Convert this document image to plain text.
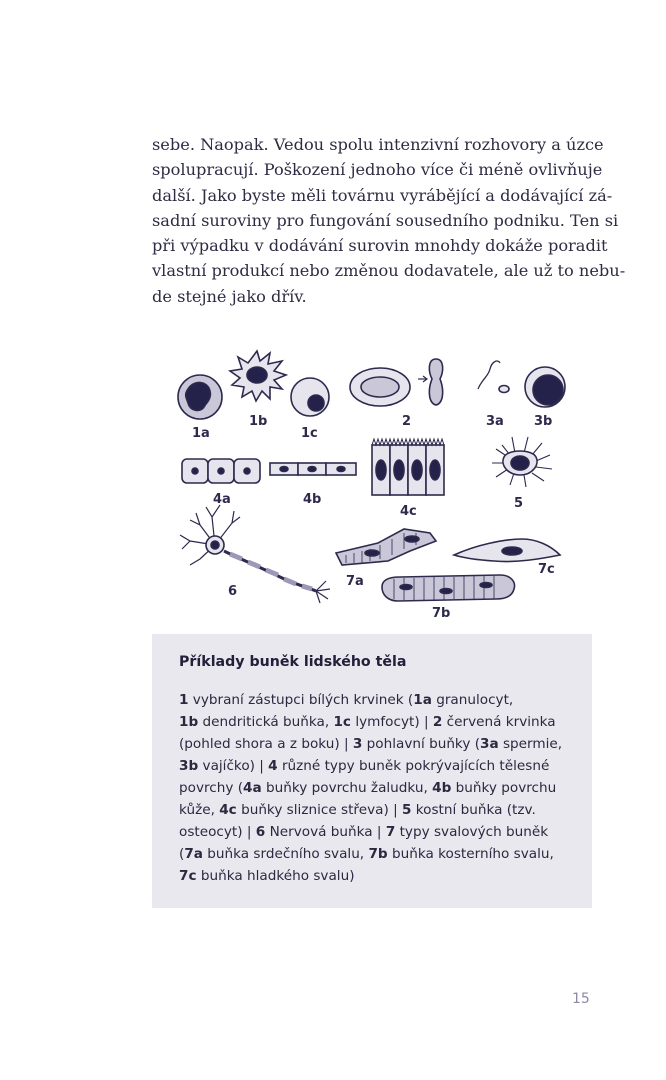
sebe. Naopak. Vedou spolu intenzivní rozhovory a úzce
spolupracují. Poškození jednoho více či méně ovlivňuje
další. Jako byste měli továrnu vyrábějící a dodávající zá-
sadní suroviny pro fungování sousedního podniku. Ten si
při výpadku v dodávání surovin mnohdy dokáže poradit
vlastní produkcí nebo změnou dodavatele, ale už to nebu-
de stejné jako dřív.

1a
1b
1c
2	3a 3b
4a	4b
4c
5
6
7a
7b
7c

Příklady buněk lidského těla

1 vybraní zástupci bílých krvinek (1a granulocyt,
1b dendritická buňka, 1c lymfocyt) | 2 červená krvinka
(pohled shora a z boku) | 3 pohlavní buňky (3a spermie,
3b vajíčko) | 4 různé typy buněk pokrývajících tělesné
povrchy (4a buňky povrchu žaludku, 4b buňky povrchu
kůže, 4c buňky sliznice střeva) | 5 kostní buňka (tzv.
osteocyt) | 6 Nervová buňka | 7 typy svalových buněk
(7a buňka srdečního svalu, 7b buňka kosterního svalu,
7c buňka hladkého svalu)

15
